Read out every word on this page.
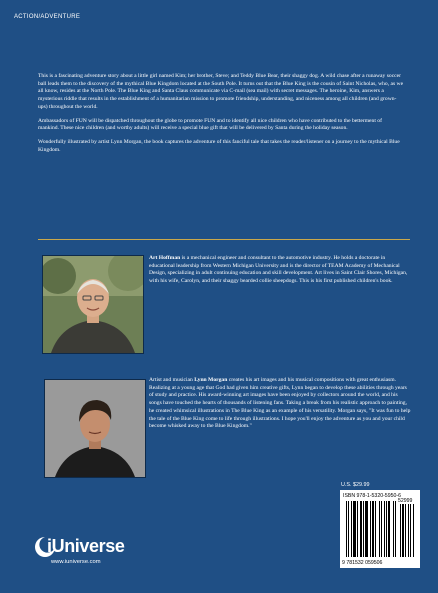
ACTION/ADVENTURE

This is a fascinating adventure story about a little girl named Kim; her brother, Steve; and Teddy Blue Bear, their shaggy dog. A wild chase after a runaway soccer ball leads them to the discovery of the mythical Blue Kingdom located at the South Pole. It turns out that the Blue King is the cousin of Saint Nicholas, who, as we all know, resides at the North Pole. The Blue King and Santa Claus communicate via C-mail (sea mail) with secret messages. The heroine, Kim, answers a mysterious riddle that results in the establishment of a humanitarian mission to promote friendship, understanding, and niceness among all children (and grown-ups) throughout the world.

Ambassadors of FUN will be dispatched throughout the globe to promote FUN and to identify all nice children who have contributed to the betterment of mankind. These nice children (and worthy adults) will receive a special blue gift that will be delivered by Santa during the holiday season.

Wonderfully illustrated by artist Lynn Morgan, the book captures the adventure of this fanciful tale that takes the reader/listener on a journey to the mythical Blue Kingdom.

Art Hoffman is a mechanical engineer and consultant to the automotive industry. He holds a doctorate in educational leadership from Western Michigan University and is the director of TEAM Academy of Mechanical Design, specializing in adult continuing education and skill development. Art lives in Saint Clair Shores, Michigan, with his wife, Carolyn, and their shaggy bearded collie sheepdogs. This is his first published children's book.
Artist and musician Lynn Morgan creates his art images and his musical compositions with great enthusiasm. Realizing at a young age that God had given him creative gifts, Lynn began to develop these abilities through years of study and practice. His award-winning art images have been enjoyed by collectors around the world, and his songs have touched the hearts of thousands of listening fans. Taking a break from his realistic approach to painting, he created whimsical illustrations in The Blue King as an example of his versatility. Morgan says, "It was fun to help the tale of the Blue King come to life through illustrations. I hope you'll enjoy the adventure as you and your child become whisked away to the Blue Kingdom."
U.S. $29.99
ISBN 978-1-5320-5950-6
52999
9 781532 059506
iUniverse
www.iuniverse.com
